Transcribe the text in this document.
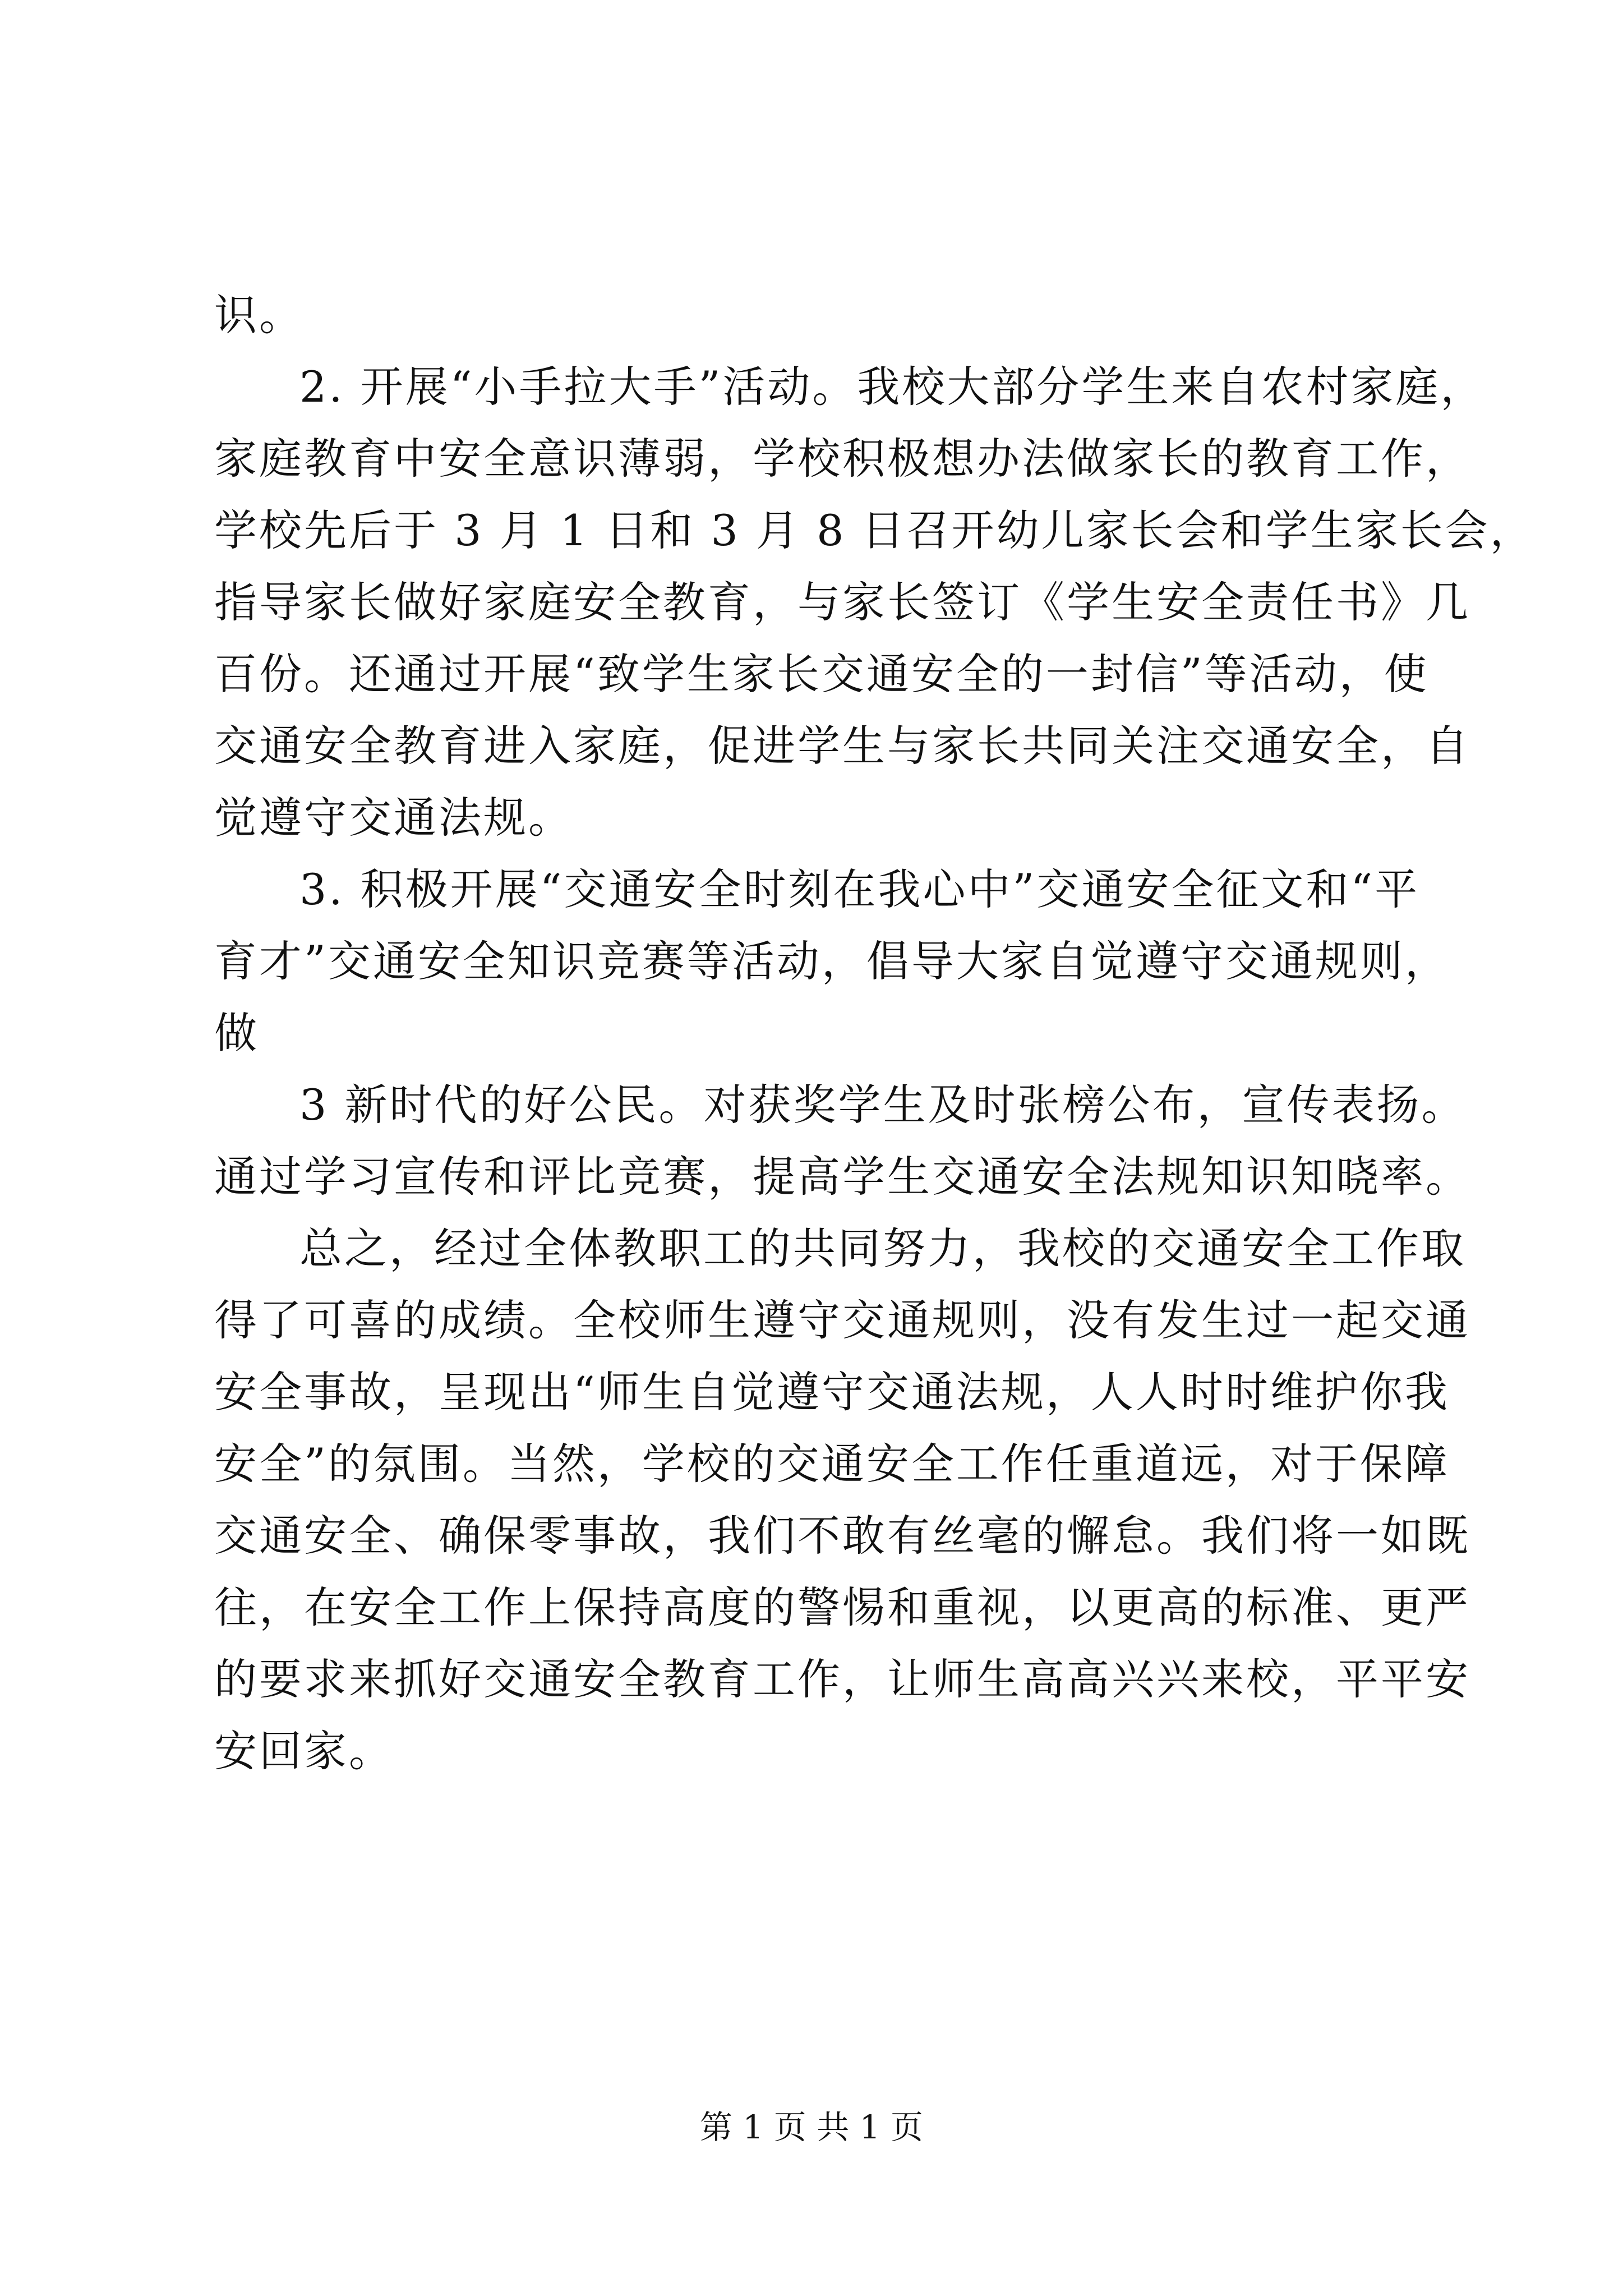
识。
2. 开展“小手拉大手”活动。我校大部分学生来自农村家庭，
家庭教育中安全意识薄弱，学校积极想办法做家长的教育工作，
学校先后于 3 月 1 日和 3 月 8 日召开幼儿家长会和学生家长会，
指导家长做好家庭安全教育，与家长签订《学生安全责任书》几
百份。还通过开展“致学生家长交通安全的一封信”等活动，使
交通安全教育进入家庭，促进学生与家长共同关注交通安全，自
觉遵守交通法规。
3. 积极开展“交通安全时刻在我心中”交通安全征文和“平
育才”交通安全知识竞赛等活动，倡导大家自觉遵守交通规则，
做
3 新时代的好公民。对获奖学生及时张榜公布，宣传表扬。
通过学习宣传和评比竞赛，提高学生交通安全法规知识知晓率。
总之，经过全体教职工的共同努力，我校的交通安全工作取
得了可喜的成绩。全校师生遵守交通规则，没有发生过一起交通
安全事故，呈现出“师生自觉遵守交通法规，人人时时维护你我
安全”的氛围。当然，学校的交通安全工作任重道远，对于保障
交通安全、确保零事故，我们不敢有丝毫的懈怠。我们将一如既
往，在安全工作上保持高度的警惕和重视，以更高的标准、更严
的要求来抓好交通安全教育工作，让师生高高兴兴来校，平平安
安回家。
第 1 页 共 1 页
